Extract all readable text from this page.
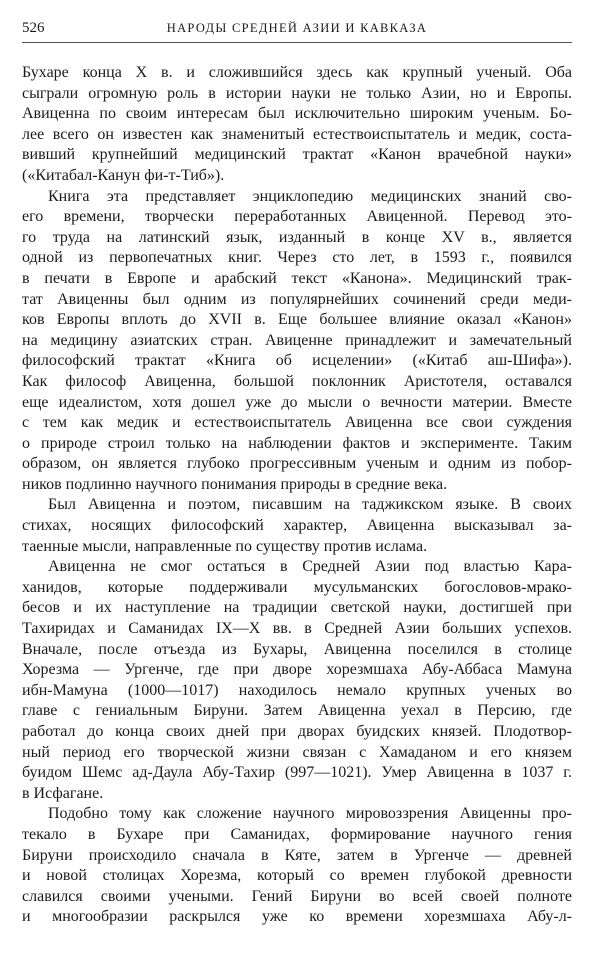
526	НАРОДЫ СРЕДНЕЙ АЗИИ И КАВКАЗА
Бухаре конца X в. и сложившийся здесь как крупный ученый. Оба
сыграли огромную роль в истории науки не только Азии, но и Европы.
Авиценна по своим интересам был исключительно широким ученым. Бо-
лее всего он известен как знаменитый естествоиспытатель и медик, соста-
вивший крупнейший медицинский трактат «Канон врачебной науки»
(«Китабал-Канун фи-т-Тиб»).
Книга эта представляет энциклопедию медицинских знаний сво-
его времени, творчески переработанных Авиценной. Перевод это-
го труда на латинский язык, изданный в конце XV в., является
одной из первопечатных книг. Через сто лет, в 1593 г., появился
в печати в Европе и арабский текст «Канона». Медицинский трак-
тат Авиценны был одним из популярнейших сочинений среди меди-
ков Европы вплоть до XVII в. Еще большее влияние оказал «Канон»
на медицину азиатских стран. Авиценне принадлежит и замечательный
философский трактат «Книга об исцелении» («Китаб аш-Шифа»).
Как философ Авиценна, большой поклонник Аристотеля, оставался
еще идеалистом, хотя дошел уже до мысли о вечности материи. Вместе
с тем как медик и естествоиспытатель Авиценна все свои суждения
о природе строил только на наблюдении фактов и эксперименте. Таким
образом, он является глубоко прогрессивным ученым и одним из побор-
ников подлинно научного понимания природы в средние века.
Был Авиценна и поэтом, писавшим на таджикском языке. В своих
стихах, носящих философский характер, Авиценна высказывал за-
таенные мысли, направленные по существу против ислама.
Авиценна не смог остаться в Средней Азии под властью Кара-
ханидов, которые поддерживали мусульманских богословов-мрако-
бесов и их наступление на традиции светской науки, достигшей при
Тахиридах и Саманидах IX—X вв. в Средней Азии больших успехов.
Вначале, после отъезда из Бухары, Авиценна поселился в столице
Хорезма — Ургенче, где при дворе хорезмшаха Абу-Аббаса Мамуна
ибн-Мамуна (1000—1017) находилось немало крупных ученых во
главе с гениальным Бируни. Затем Авиценна уехал в Персию, где
работал до конца своих дней при дворах буидских князей. Плодотвор-
ный период его творческой жизни связан с Хамаданом и его князем
буидом Шемс ад-Даула Абу-Тахир (997—1021). Умер Авиценна в 1037 г.
в Исфагане.
Подобно тому как сложение научного мировоззрения Авиценны про-
текало в Бухаре при Саманидах, формирование научного гения
Бируни происходило сначала в Кяте, затем в Ургенче — древней
и новой столицах Хорезма, который со времен глубокой древности
славился своими учеными. Гений Бируни во всей своей полноте
и многообразии раскрылся уже ко времени хорезмшаха Абу-л-
